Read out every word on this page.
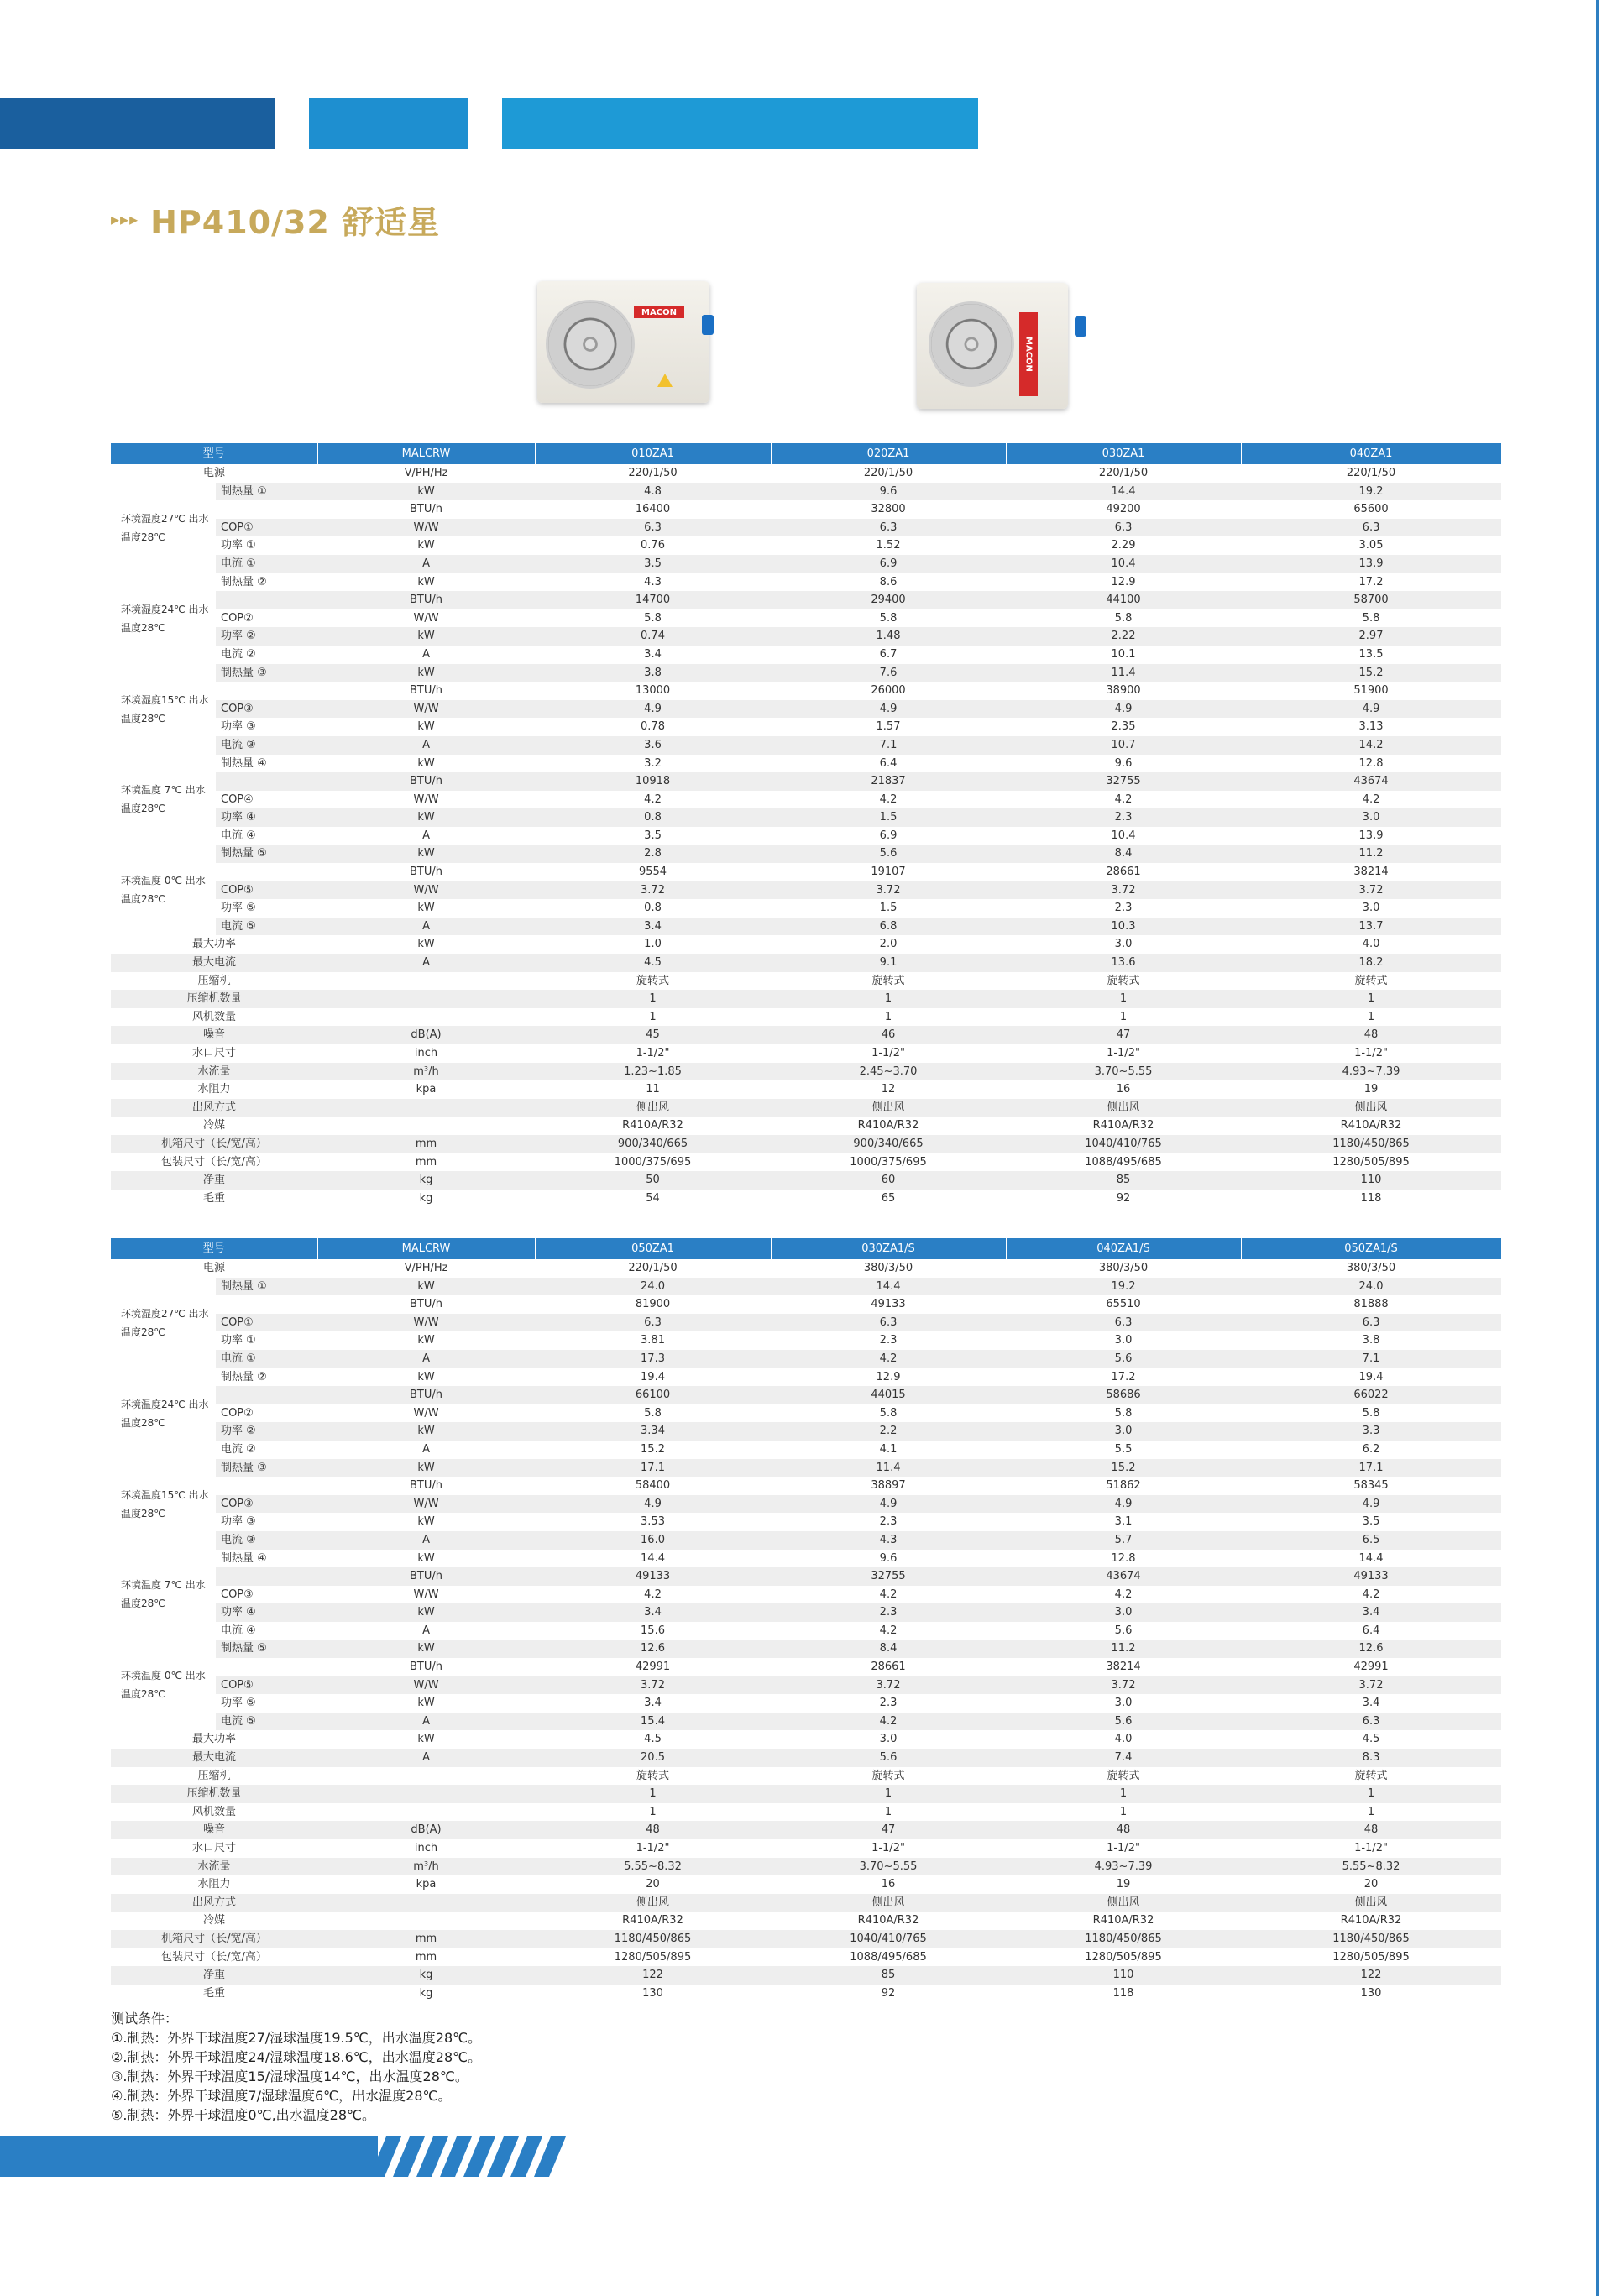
▸▸▸ HP410/32 舒适星
MACON
MACON
型号		MALCRW	010ZA1	020ZA1	030ZA1	040ZA1
电源		V/PH/Hz	220/1/50	220/1/50	220/1/50	220/1/50
环境湿度27℃ 出水温度28℃	制热量 ①	kW	4.8	9.6	14.4	19.2
		BTU/h	16400	32800	49200	65600
	COP①	W/W	6.3	6.3	6.3	6.3
	功率 ①	kW	0.76	1.52	2.29	3.05
	电流 ①	A	3.5	6.9	10.4	13.9
环境湿度24℃ 出水温度28℃	制热量 ②	kW	4.3	8.6	12.9	17.2
		BTU/h	14700	29400	44100	58700
	COP②	W/W	5.8	5.8	5.8	5.8
	功率 ②	kW	0.74	1.48	2.22	2.97
	电流 ②	A	3.4	6.7	10.1	13.5
环境湿度15℃ 出水温度28℃	制热量 ③	kW	3.8	7.6	11.4	15.2
		BTU/h	13000	26000	38900	51900
	COP③	W/W	4.9	4.9	4.9	4.9
	功率 ③	kW	0.78	1.57	2.35	3.13
	电流 ③	A	3.6	7.1	10.7	14.2
环境温度 7℃ 出水温度28℃	制热量 ④	kW	3.2	6.4	9.6	12.8
		BTU/h	10918	21837	32755	43674
	COP④	W/W	4.2	4.2	4.2	4.2
	功率 ④	kW	0.8	1.5	2.3	3.0
	电流 ④	A	3.5	6.9	10.4	13.9
环境温度 0℃ 出水温度28℃	制热量 ⑤	kW	2.8	5.6	8.4	11.2
		BTU/h	9554	19107	28661	38214
	COP⑤	W/W	3.72	3.72	3.72	3.72
	功率 ⑤	kW	0.8	1.5	2.3	3.0
	电流 ⑤	A	3.4	6.8	10.3	13.7
最大功率		kW	1.0	2.0	3.0	4.0
最大电流		A	4.5	9.1	13.6	18.2
压缩机			旋转式	旋转式	旋转式	旋转式
压缩机数量			1	1	1	1
风机数量			1	1	1	1
噪音		dB(A)	45	46	47	48
水口尺寸		inch	1-1/2"	1-1/2"	1-1/2"	1-1/2"
水流量		m³/h	1.23~1.85	2.45~3.70	3.70~5.55	4.93~7.39
水阻力		kpa	11	12	16	19
出风方式			侧出风	侧出风	侧出风	侧出风
冷媒			R410A/R32	R410A/R32	R410A/R32	R410A/R32
机箱尺寸（长/宽/高）		mm	900/340/665	900/340/665	1040/410/765	1180/450/865
包装尺寸（长/宽/高）		mm	1000/375/695	1000/375/695	1088/495/685	1280/505/895
净重		kg	50	60	85	110
毛重		kg	54	65	92	118
型号		MALCRW	050ZA1	030ZA1/S	040ZA1/S	050ZA1/S
电源		V/PH/Hz	220/1/50	380/3/50	380/3/50	380/3/50
环境湿度27℃ 出水温度28℃	制热量 ①	kW	24.0	14.4	19.2	24.0
		BTU/h	81900	49133	65510	81888
	COP①	W/W	6.3	6.3	6.3	6.3
	功率 ①	kW	3.81	2.3	3.0	3.8
	电流 ①	A	17.3	4.2	5.6	7.1
环境温度24℃ 出水温度28℃	制热量 ②	kW	19.4	12.9	17.2	19.4
		BTU/h	66100	44015	58686	66022
	COP②	W/W	5.8	5.8	5.8	5.8
	功率 ②	kW	3.34	2.2	3.0	3.3
	电流 ②	A	15.2	4.1	5.5	6.2
环境温度15℃ 出水温度28℃	制热量 ③	kW	17.1	11.4	15.2	17.1
		BTU/h	58400	38897	51862	58345
	COP③	W/W	4.9	4.9	4.9	4.9
	功率 ③	kW	3.53	2.3	3.1	3.5
	电流 ③	A	16.0	4.3	5.7	6.5
环境温度 7℃ 出水温度28℃	制热量 ④	kW	14.4	9.6	12.8	14.4
		BTU/h	49133	32755	43674	49133
	COP③	W/W	4.2	4.2	4.2	4.2
	功率 ④	kW	3.4	2.3	3.0	3.4
	电流 ④	A	15.6	4.2	5.6	6.4
环境温度 0℃ 出水温度28℃	制热量 ⑤	kW	12.6	8.4	11.2	12.6
		BTU/h	42991	28661	38214	42991
	COP⑤	W/W	3.72	3.72	3.72	3.72
	功率 ⑤	kW	3.4	2.3	3.0	3.4
	电流 ⑤	A	15.4	4.2	5.6	6.3
最大功率		kW	4.5	3.0	4.0	4.5
最大电流		A	20.5	5.6	7.4	8.3
压缩机			旋转式	旋转式	旋转式	旋转式
压缩机数量			1	1	1	1
风机数量			1	1	1	1
噪音		dB(A)	48	47	48	48
水口尺寸		inch	1-1/2"	1-1/2"	1-1/2"	1-1/2"
水流量		m³/h	5.55~8.32	3.70~5.55	4.93~7.39	5.55~8.32
水阻力		kpa	20	16	19	20
出风方式			侧出风	侧出风	侧出风	侧出风
冷媒			R410A/R32	R410A/R32	R410A/R32	R410A/R32
机箱尺寸（长/宽/高）		mm	1180/450/865	1040/410/765	1180/450/865	1180/450/865
包装尺寸（长/宽/高）		mm	1280/505/895	1088/495/685	1280/505/895	1280/505/895
净重		kg	122	85	110	122
毛重		kg	130	92	118	130
测试条件：
①.制热：外界干球温度27/湿球温度19.5℃，出水温度28℃。
②.制热：外界干球温度24/湿球温度18.6℃，出水温度28℃。
③.制热：外界干球温度15/湿球温度14℃，出水温度28℃。
④.制热：外界干球温度7/湿球温度6℃，出水温度28℃。
⑤.制热：外界干球温度0℃,出水温度28℃。
